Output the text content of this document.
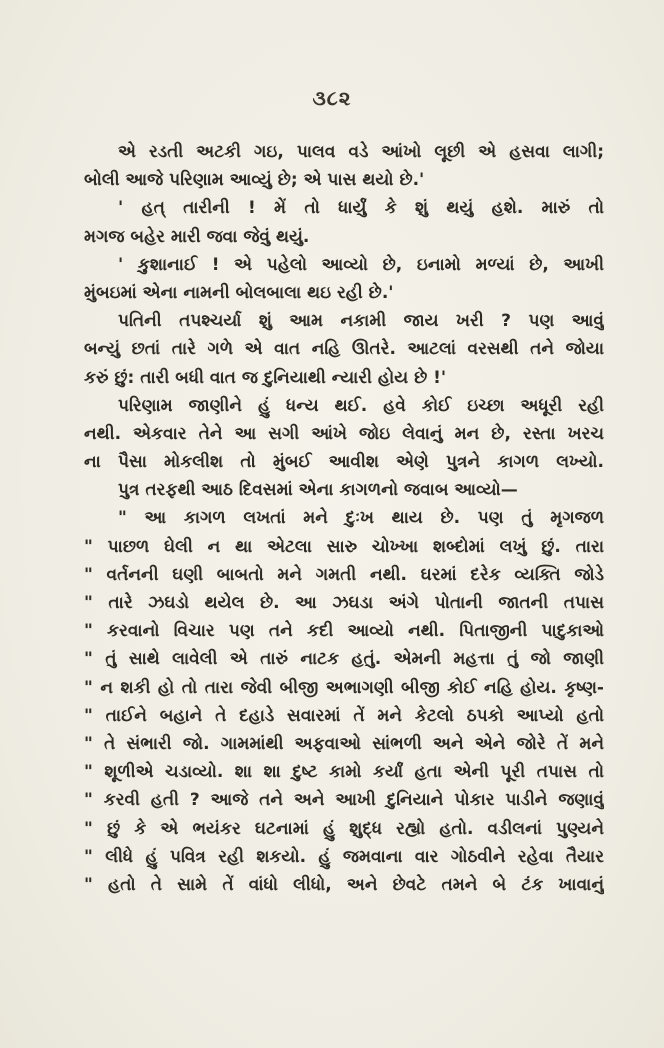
૩૮૨
એ રડતી અટકી ગઇ, પાલવ વડે આંખો લૂછી એ હસવા લાગી;
બોલી આજે પરિણામ આવ્યું છે; એ પાસ થયો છે.'
' હત્ તારીની ! મેં તો ધાર્યું કે શું થયું હશે. મારું તો
મગજ બહેર મારી જવા જેવું થયું.
' કુશાનાઈ ! એ પહેલો આવ્યો છે, ઇનામો મળ્યાં છે, આખી
મુંબઇમાં એના નામની બોલબાલા થઇ રહી છે.'
પતિની તપશ્ચર્યા શું આમ નકામી જાય ખરી ? પણ આવું
બન્યું છતાં તારે ગળે એ વાત નહિ ઊતરે. આટલાં વરસથી તને જોયા
કરું છું: તારી બધી વાત જ દુનિયાથી ન્યારી હોય છે !'
પરિણામ જાણીને હું ધન્ય થઈ. હવે કોઈ ઇચ્છા અધૂરી રહી
નથી. એકવાર તેને આ સગી આંખે જોઇ લેવાનું મન છે, રસ્તા ખરચ
ના પૈસા મોકલીશ તો મુંબઈ આવીશ એણે પુત્રને કાગળ લખ્યો.
પુત્ર તરફથી આઠ દિવસમાં એના કાગળનો જવાબ આવ્યો—
" આ કાગળ લખતાં મને દુઃખ થાય છે. પણ તું મૃગજળ
" પાછળ ઘેલી ન થા એટલા સારુ ચોખ્ખા શબ્દોમાં લખું છું. તારા
" વર્તનની ઘણી બાબતો મને ગમતી નથી. ઘરમાં દરેક વ્યક્તિ જોડે
" તારે ઝઘડો થયેલ છે. આ ઝઘડા અંગે પોતાની જાતની તપાસ
" કરવાનો વિચાર પણ તને કદી આવ્યો નથી. પિતાજીની પાદુકાઓ
" તું સાથે લાવેલી એ તારું નાટક હતું. એમની મહત્તા તું જો જાણી
" ન શકી હો તો તારા જેવી બીજી અભાગણી બીજી કોઈ નહિ હોય. કૃષ્ણ-
" તાઈને બહાને તે દહાડે સવારમાં તેં મને કેટલો ઠપકો આપ્યો હતો
" તે સંભારી જો. ગામમાંથી અફવાઓ સાંભળી અને એને જોરે તેં મને
" શૂળીએ ચડાવ્યો. શા શા દુષ્ટ કામો કર્યાં હતા એની પૂરી તપાસ તો
" કરવી હતી ? આજે તને અને આખી દુનિયાને પોકાર પાડીને જણાવું
" છું કે એ ભયંકર ઘટનામાં હું શુદ્ધ રહ્યો હતો. વડીલનાં પુણ્યને
" લીધે હું પવિત્ર રહી શકયો. હું જમવાના વાર ગોઠવીને રહેવા તૈયાર
" હતો તે સામે તેં વાંધો લીધો, અને છેવટે તમને બે ટંક ખાવાનું
